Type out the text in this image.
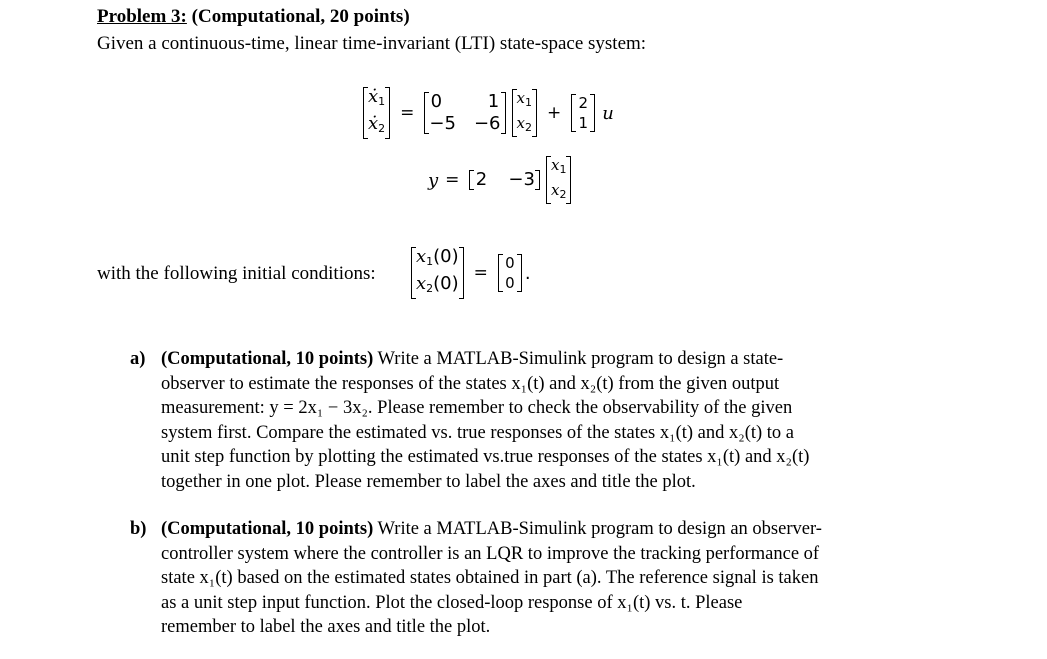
Problem 3: (Computational, 20 points)
Given a continuous-time, linear time-invariant (LTI) state-space system:
ẋ$_1$
ẋ$_2$
=
0	1
−5 −6
$x_1$
$x_2$
+ 2
1 u
y = 2 −3
$x_1$
$x_2$
with the following initial conditions:
$x_1(0)$
$x_2(0) = 0$
0 .
a) (Computational, 10 points) Write a MATLAB-Simulink program to design a state-
observer to estimate the responses of the states x₁(t) and x₂(t) from the given output
measurement: y = 2x₁ − 3x₂. Please remember to check the observability of the given
system first. Compare the estimated vs. true responses of the states x₁(t) and x₂(t) to a
unit step function by plotting the estimated vs.true responses of the states x₁(t) and x₂(t)
together in one plot. Please remember to label the axes and title the plot.
b) (Computational, 10 points) Write a MATLAB-Simulink program to design an observer-
controller system where the controller is an LQR to improve the tracking performance of
state x₁(t) based on the estimated states obtained in part (a). The reference signal is taken
as a unit step input function. Plot the closed-loop response of x₁(t) vs. t. Please
remember to label the axes and title the plot.
